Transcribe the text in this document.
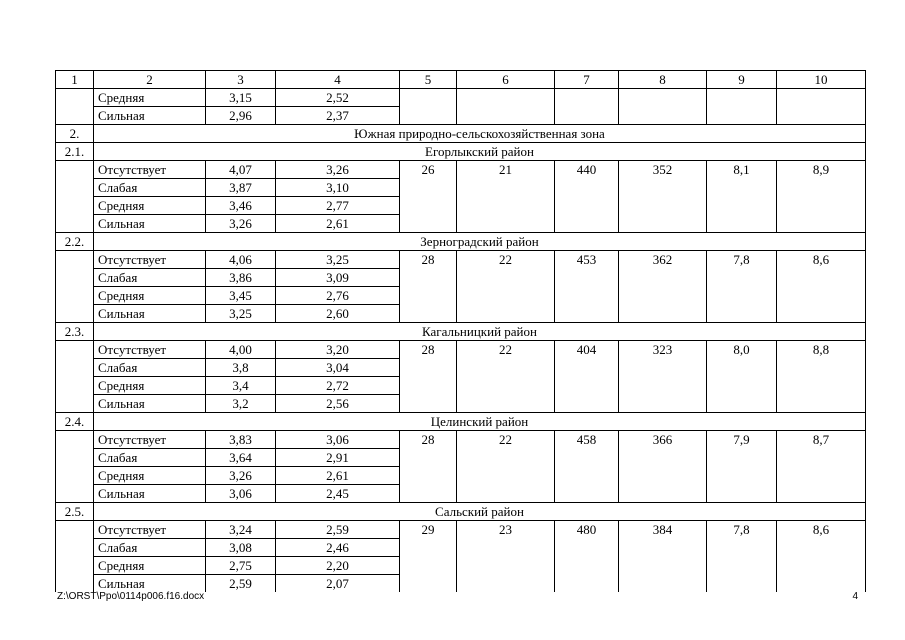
1	2	3	4	5	6	7	8	9	10
	Средняя	3,15	2,52						
	Сильная	2,96	2,37						
2.	Южная природно-сельскохозяйственная зона								
2.1.	Егорлыкский район								
	Отсутствует	4,07	3,26	26	21	440	352	8,1	8,9
	Слабая	3,87	3,10						
	Средняя	3,46	2,77						
	Сильная	3,26	2,61						
2.2.	Зерноградский район								
	Отсутствует	4,06	3,25	28	22	453	362	7,8	8,6
	Слабая	3,86	3,09						
	Средняя	3,45	2,76						
	Сильная	3,25	2,60						
2.3.	Кагальницкий район								
	Отсутствует	4,00	3,20	28	22	404	323	8,0	8,8
	Слабая	3,8	3,04						
	Средняя	3,4	2,72						
	Сильная	3,2	2,56						
2.4.	Целинский район								
	Отсутствует	3,83	3,06	28	22	458	366	7,9	8,7
	Слабая	3,64	2,91						
	Средняя	3,26	2,61						
	Сильная	3,06	2,45						
2.5.	Сальский район								
	Отсутствует	3,24	2,59	29	23	480	384	7,8	8,6
	Слабая	3,08	2,46						
	Средняя	2,75	2,20						
	Сильная	2,59	2,07						
Z:\ORST\Ppo\0114p006.f16.docx	4
